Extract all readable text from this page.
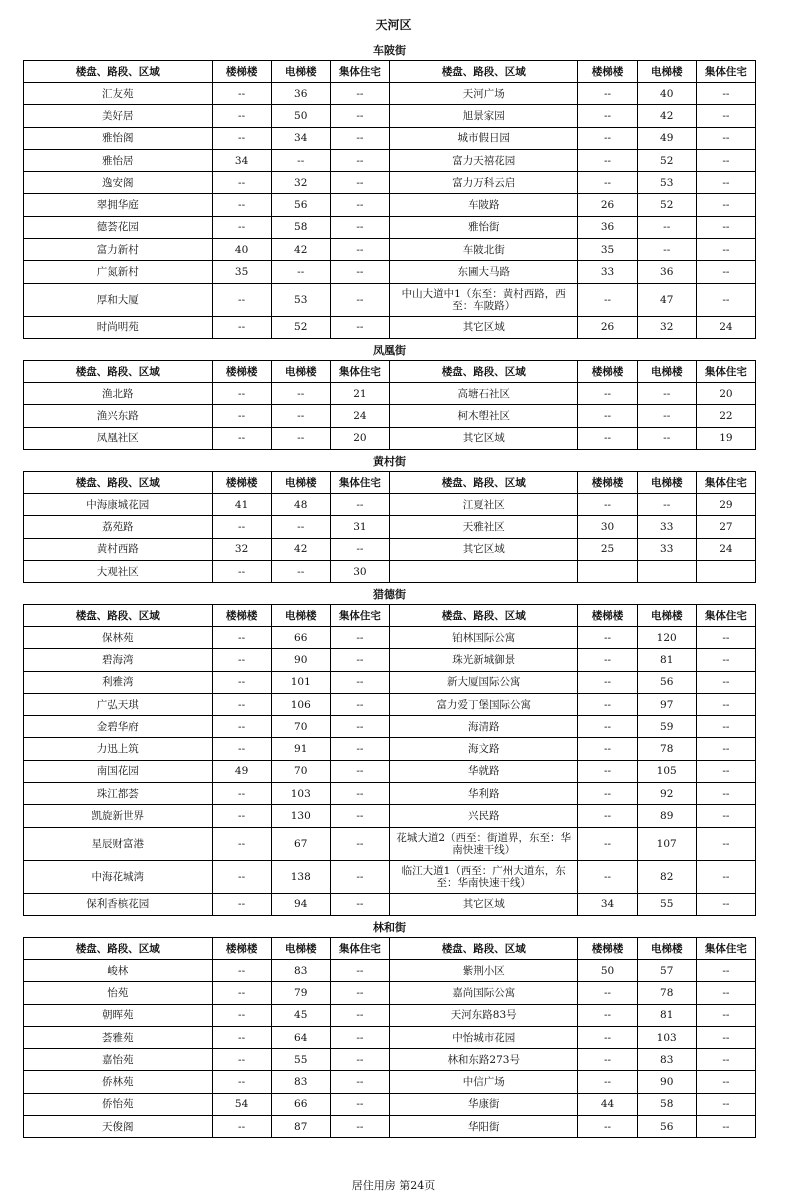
天河区
车陂街
楼盘、路段、区域	楼梯楼	电梯楼	集体住宅	楼盘、路段、区域	楼梯楼	电梯楼	集体住宅
汇友苑	--	36	--	天河广场	--	40	--
美好居	--	50	--	旭景家园	--	42	--
雅怡阁	--	34	--	城市假日园	--	49	--
雅怡居	34	--	--	富力天禧花园	--	52	--
逸安阁	--	32	--	富力万科云启	--	53	--
翠拥华庭	--	56	--	车陂路	26	52	--
德荟花园	--	58	--	雅怡街	36	--	--
富力新村	40	42	--	车陂北街	35	--	--
广氮新村	35	--	--	东圃大马路	33	36	--
厚和大厦	--	53	--	中山大道中1（东至：黄村西路，西至：车陂路）	--	47	--
时尚明苑	--	52	--	其它区域	26	32	24
凤凰街
楼盘、路段、区域	楼梯楼	电梯楼	集体住宅	楼盘、路段、区域	楼梯楼	电梯楼	集体住宅
渔北路	--	--	21	高塘石社区	--	--	20
渔兴东路	--	--	24	柯木塱社区	--	--	22
凤凰社区	--	--	20	其它区域	--	--	19
黄村街
楼盘、路段、区域	楼梯楼	电梯楼	集体住宅	楼盘、路段、区域	楼梯楼	电梯楼	集体住宅
中海康城花园	41	48	--	江夏社区	--	--	29
荔苑路	--	--	31	天雅社区	30	33	27
黄村西路	32	42	--	其它区域	25	33	24
大观社区	--	--	30				
猎德街
楼盘、路段、区域	楼梯楼	电梯楼	集体住宅	楼盘、路段、区域	楼梯楼	电梯楼	集体住宅
保林苑	--	66	--	铂林国际公寓	--	120	--
碧海湾	--	90	--	珠光新城御景	--	81	--
利雅湾	--	101	--	新大厦国际公寓	--	56	--
广弘天琪	--	106	--	富力爱丁堡国际公寓	--	97	--
金碧华府	--	70	--	海清路	--	59	--
力迅上筑	--	91	--	海文路	--	78	--
南国花园	49	70	--	华就路	--	105	--
珠江都荟	--	103	--	华利路	--	92	--
凯旋新世界	--	130	--	兴民路	--	89	--
星辰财富港	--	67	--	花城大道2（西至：街道界，东至：华南快速干线）	--	107	--
中海花城湾	--	138	--	临江大道1（西至：广州大道东，东至：华南快速干线）	--	82	--
保利香槟花园	--	94	--	其它区域	34	55	--
林和街
楼盘、路段、区域	楼梯楼	电梯楼	集体住宅	楼盘、路段、区域	楼梯楼	电梯楼	集体住宅
峻林	--	83	--	紫荆小区	50	57	--
怡苑	--	79	--	嘉尚国际公寓	--	78	--
朝晖苑	--	45	--	天河东路83号	--	81	--
荟雅苑	--	64	--	中怡城市花园	--	103	--
嘉怡苑	--	55	--	林和东路273号	--	83	--
侨林苑	--	83	--	中信广场	--	90	--
侨怡苑	54	66	--	华康街	44	58	--
天俊阁	--	87	--	华阳街	--	56	--
居住用房 第24页
